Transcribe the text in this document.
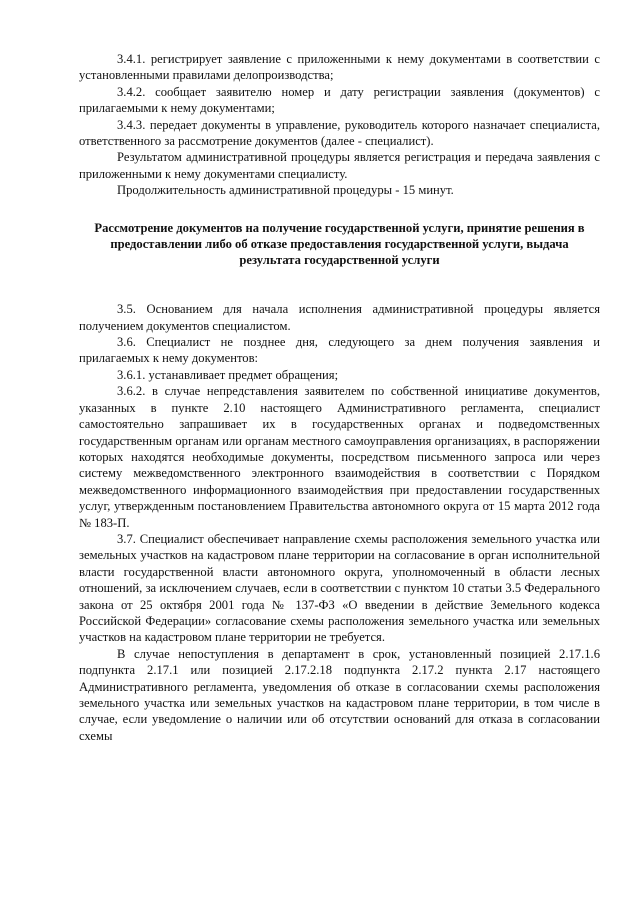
3.4.1. регистрирует заявление с приложенными к нему документами в соответствии с установленными правилами делопроизводства;

3.4.2. сообщает заявителю номер и дату регистрации заявления (документов) с прилагаемыми к нему документами;

3.4.3. передает документы в управление, руководитель которого назначает специалиста, ответственного за рассмотрение документов (далее - специалист).

Результатом административной процедуры является регистрация и передача заявления с приложенными к нему документами специалисту.

Продолжительность административной процедуры - 15 минут.

Рассмотрение документов на получение государственной услуги, принятие решения в предоставлении либо об отказе предоставления государственной услуги, выдача результата государственной услуги

3.5. Основанием для начала исполнения административной процедуры является получением документов специалистом.

3.6. Специалист не позднее дня, следующего за днем получения заявления и прилагаемых к нему документов:

3.6.1. устанавливает предмет обращения;

3.6.2. в случае непредставления заявителем по собственной инициативе документов, указанных в пункте 2.10 настоящего Административного регламента, специалист самостоятельно запрашивает их в государственных органах и подведомственных государственным органам или органам местного самоуправления организациях, в распоряжении которых находятся необходимые документы, посредством письменного запроса или через систему межведомственного электронного взаимодействия в соответствии с Порядком межведомственного информационного взаимодействия при предоставлении государственных услуг, утвержденным постановлением Правительства автономного округа от 15 марта 2012 года № 183-П.

3.7. Специалист обеспечивает направление схемы расположения земельного участка или земельных участков на кадастровом плане территории на согласование в орган исполнительной власти государственной власти автономного округа, уполномоченный в области лесных отношений, за исключением случаев, если в соответствии с пунктом 10 статьи 3.5 Федерального закона от 25 октября 2001 года № 137-ФЗ «О введении в действие Земельного кодекса Российской Федерации» согласование схемы расположения земельного участка или земельных участков на кадастровом плане территории не требуется.

В случае непоступления в департамент в срок, установленный позицией 2.17.1.6 подпункта 2.17.1 или позицией 2.17.2.18 подпункта 2.17.2 пункта 2.17 настоящего Административного регламента, уведомления об отказе в согласовании схемы расположения земельного участка или земельных участков на кадастровом плане территории, в том числе в случае, если уведомление о наличии или об отсутствии оснований для отказа в согласовании схемы
